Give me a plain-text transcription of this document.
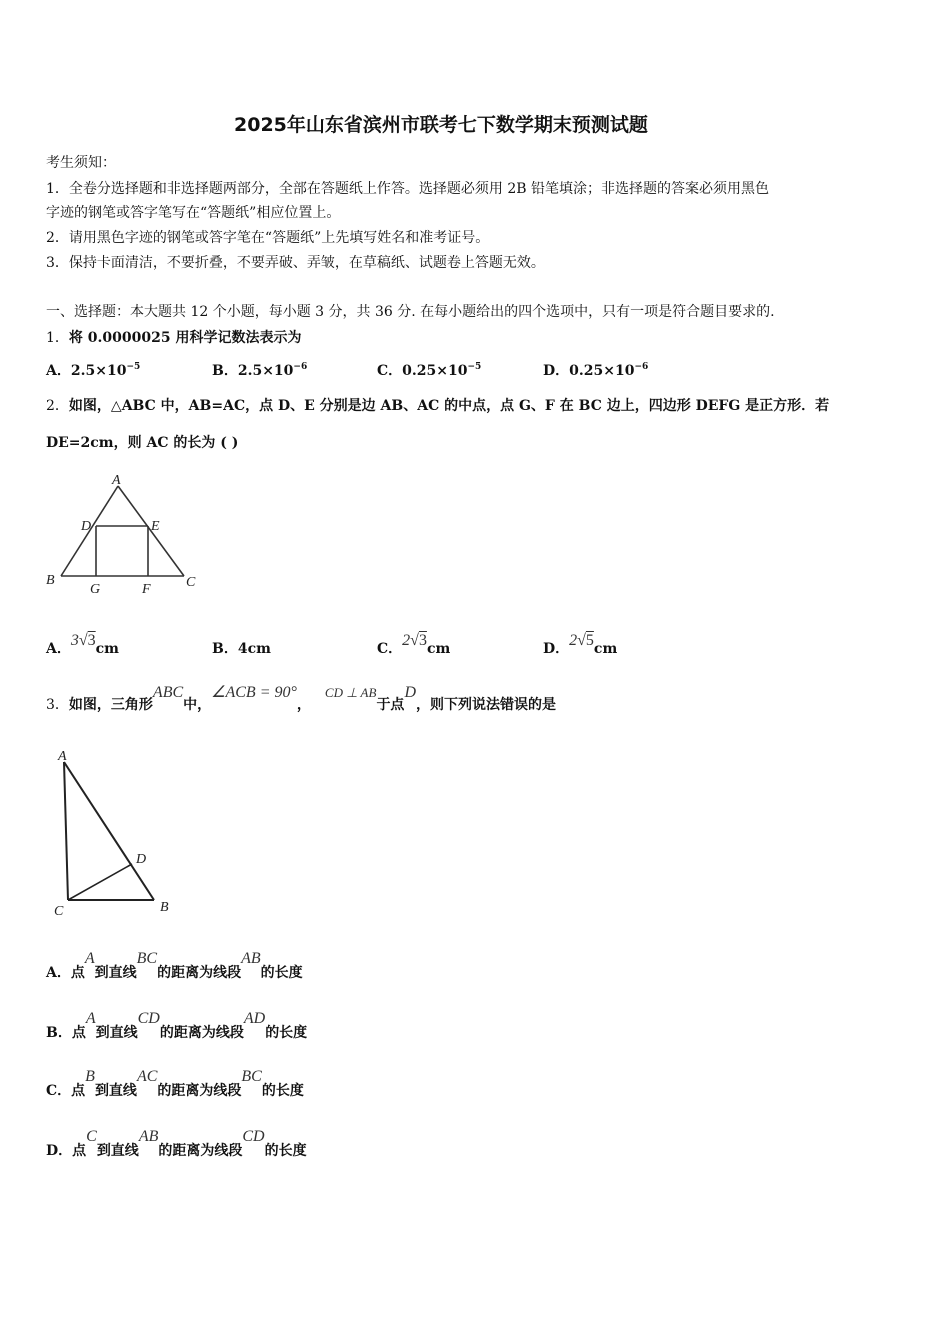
2025年山东省滨州市联考七下数学期末预测试题
考生须知：
1．全卷分选择题和非选择题两部分，全部在答题纸上作答。选择题必须用 2B 铅笔填涂；非选择题的答案必须用黑色
字迹的钢笔或答字笔写在“答题纸”相应位置上。
2．请用黑色字迹的钢笔或答字笔在“答题纸”上先填写姓名和准考证号。
3．保持卡面清洁，不要折叠，不要弄破、弄皱，在草稿纸、试题卷上答题无效。
一、选择题：本大题共 12 个小题，每小题 3 分，共 36 分. 在每小题给出的四个选项中，只有一项是符合题目要求的.
1．将 0.0000025 用科学记数法表示为
A．$2.5\times 10^{-5}$	B．$2.5\times 10^{-6}$	C．$0.25\times 10^{-5}$	D．$0.25\times 10^{-6}$
2．如图，△ABC 中，AB=AC，点 D、E 分别是边 AB、AC 的中点，点 G、F 在 BC 边上，四边形 DEFG 是正方形．若
DE=2cm，则 AC 的长为 ( )
A
D	E
B
G	F	C
A．3√3cm	B．4cm	C．2√3cm	D．2√5cm
3．如图，三角形ABC中，∠ACB = 90°，CD ⊥ AB于点D，则下列说法错误的是
A
D
C	B
A．点A到直线BC的距离为线段AB的长度
B．点A到直线CD的距离为线段AD的长度
C．点B到直线AC的距离为线段BC的长度
D．点C到直线AB的距离为线段CD的长度
